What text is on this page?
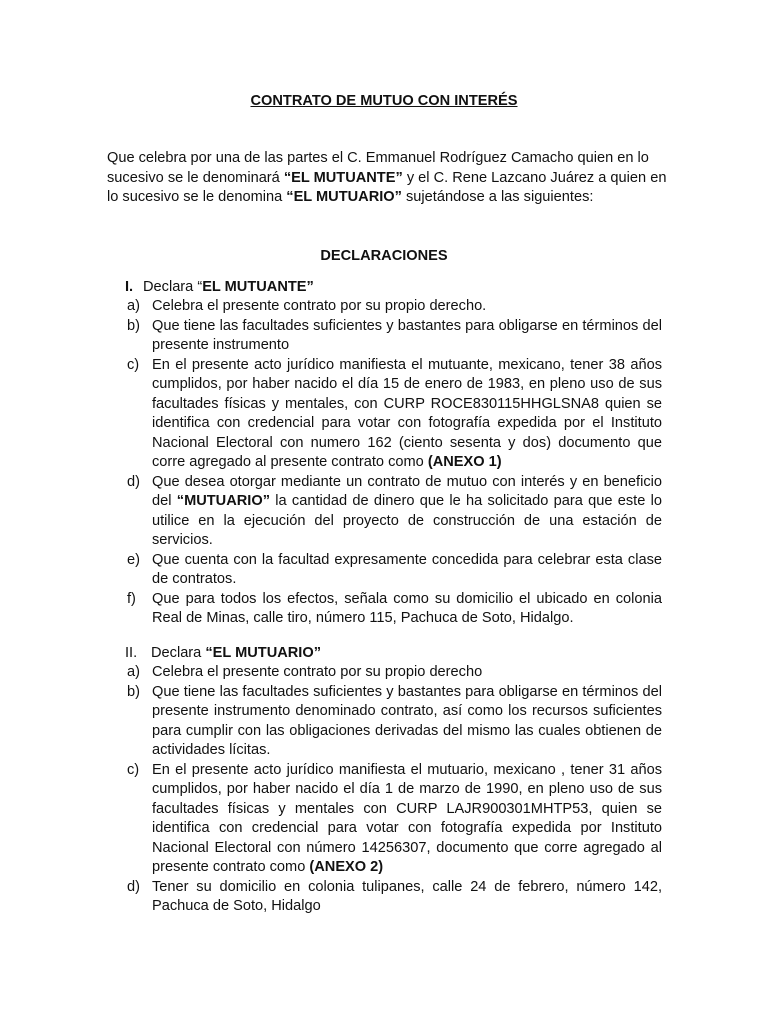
CONTRATO DE MUTUO CON INTERÉS
Que celebra por una de las partes el C. Emmanuel Rodríguez Camacho quien en lo sucesivo se le denominará “EL MUTUANTE” y el C. Rene Lazcano Juárez a quien en lo sucesivo se le denomina “EL MUTUARIO” sujetándose a las siguientes:
DECLARACIONES
I. Declara “EL MUTUANTE”
a) Celebra el presente contrato por su propio derecho.
b) Que tiene las facultades suficientes y bastantes para obligarse en términos del presente instrumento
c) En el presente acto jurídico manifiesta el mutuante, mexicano, tener 38 años cumplidos, por haber nacido el día 15 de enero de 1983, en pleno uso de sus facultades físicas y mentales, con CURP ROCE830115HHGLSNA8 quien se identifica con credencial para votar con fotografía expedida por el Instituto Nacional Electoral con numero 162 (ciento sesenta y dos) documento que corre agregado al presente contrato como (ANEXO 1)
d) Que desea otorgar mediante un contrato de mutuo con interés y en beneficio del “MUTUARIO” la cantidad de dinero que le ha solicitado para que este lo utilice en la ejecución del proyecto de construcción de una estación de servicios.
e) Que cuenta con la facultad expresamente concedida para celebrar esta clase de contratos.
f) Que para todos los efectos, señala como su domicilio el ubicado en colonia Real de Minas, calle tiro, número 115, Pachuca de Soto, Hidalgo.
II. Declara “EL MUTUARIO”
a) Celebra el presente contrato por su propio derecho
b) Que tiene las facultades suficientes y bastantes para obligarse en términos del presente instrumento denominado contrato, así como los recursos suficientes para cumplir con las obligaciones derivadas del mismo las cuales obtienen de actividades lícitas.
c) En el presente acto jurídico manifiesta el mutuario, mexicano , tener 31 años cumplidos, por haber nacido el día 1 de marzo de 1990, en pleno uso de sus facultades físicas y mentales con CURP LAJR900301MHTP53, quien se identifica con credencial para votar con fotografía expedida por Instituto Nacional Electoral con número 14256307, documento que corre agregado al presente contrato como (ANEXO 2)
d) Tener su domicilio en colonia tulipanes, calle 24 de febrero, número 142, Pachuca de Soto, Hidalgo
